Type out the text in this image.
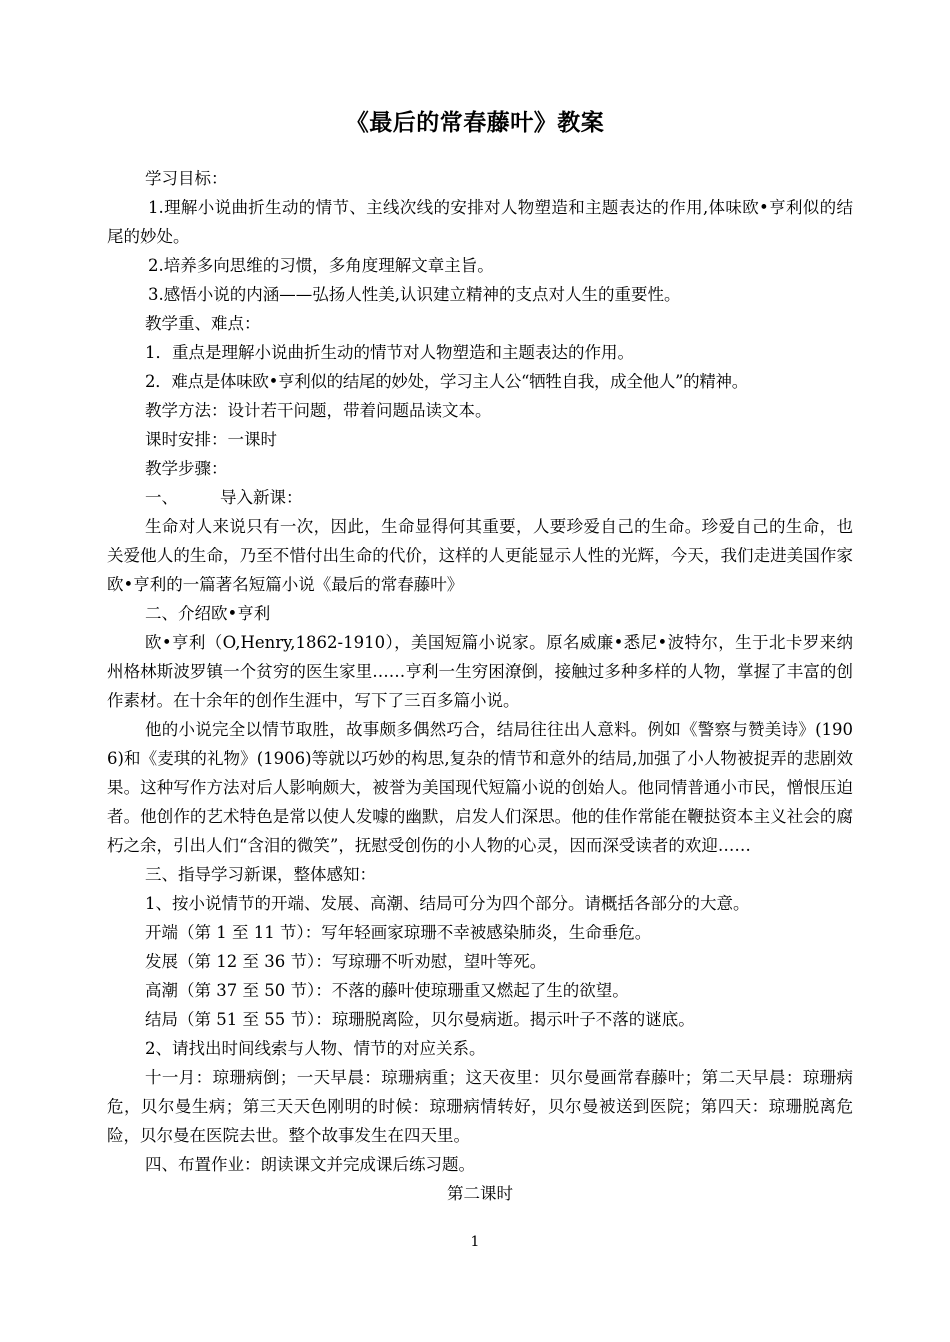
《最后的常春藤叶》教案

学习目标：

1.理解小说曲折生动的情节、主线次线的安排对人物塑造和主题表达的作用,体味欧•亨利似的结尾的妙处。

2.培养多向思维的习惯，多角度理解文章主旨。

3.感悟小说的内涵——弘扬人性美,认识建立精神的支点对人生的重要性。

教学重、难点：

1．重点是理解小说曲折生动的情节对人物塑造和主题表达的作用。

2．难点是体味欧•亨利似的结尾的妙处，学习主人公“牺牲自我，成全他人”的精神。

教学方法：设计若干问题，带着问题品读文本。

课时安排：一课时

教学步骤：

一、	导入新课：

生命对人来说只有一次，因此，生命显得何其重要，人要珍爱自己的生命。珍爱自己的生命，也关爱他人的生命，乃至不惜付出生命的代价，这样的人更能显示人性的光辉，今天，我们走进美国作家欧•亨利的一篇著名短篇小说《最后的常春藤叶》

二、介绍欧•亨利

欧•亨利（O,Henry,1862-1910），美国短篇小说家。原名威廉•悉尼•波特尔，生于北卡罗来纳州格林斯波罗镇一个贫穷的医生家里……亨利一生穷困潦倒，接触过多种多样的人物，掌握了丰富的创作素材。在十余年的创作生涯中，写下了三百多篇小说。

他的小说完全以情节取胜，故事颇多偶然巧合，结局往往出人意料。例如《警察与赞美诗》(1906)和《麦琪的礼物》(1906)等就以巧妙的构思,复杂的情节和意外的结局,加强了小人物被捉弄的悲剧效果。这种写作方法对后人影响颇大，被誉为美国现代短篇小说的创始人。他同情普通小市民，憎恨压迫者。他创作的艺术特色是常以使人发噱的幽默，启发人们深思。他的佳作常能在鞭挞资本主义社会的腐朽之余，引出人们“含泪的微笑”，抚慰受创伤的小人物的心灵，因而深受读者的欢迎……

三、指导学习新课，整体感知：

1、按小说情节的开端、发展、高潮、结局可分为四个部分。请概括各部分的大意。

开端（第 1 至 11 节）：写年轻画家琼珊不幸被感染肺炎，生命垂危。

发展（第 12 至 36 节）：写琼珊不听劝慰，望叶等死。

高潮（第 37 至 50 节）：不落的藤叶使琼珊重又燃起了生的欲望。

结局（第 51 至 55 节）：琼珊脱离险，贝尔曼病逝。揭示叶子不落的谜底。

2、请找出时间线索与人物、情节的对应关系。

十一月：琼珊病倒；一天早晨：琼珊病重；这天夜里：贝尔曼画常春藤叶；第二天早晨：琼珊病危，贝尔曼生病；第三天天色刚明的时候：琼珊病情转好，贝尔曼被送到医院；第四天：琼珊脱离危险，贝尔曼在医院去世。整个故事发生在四天里。

四、布置作业：朗读课文并完成课后练习题。

第二课时

1
